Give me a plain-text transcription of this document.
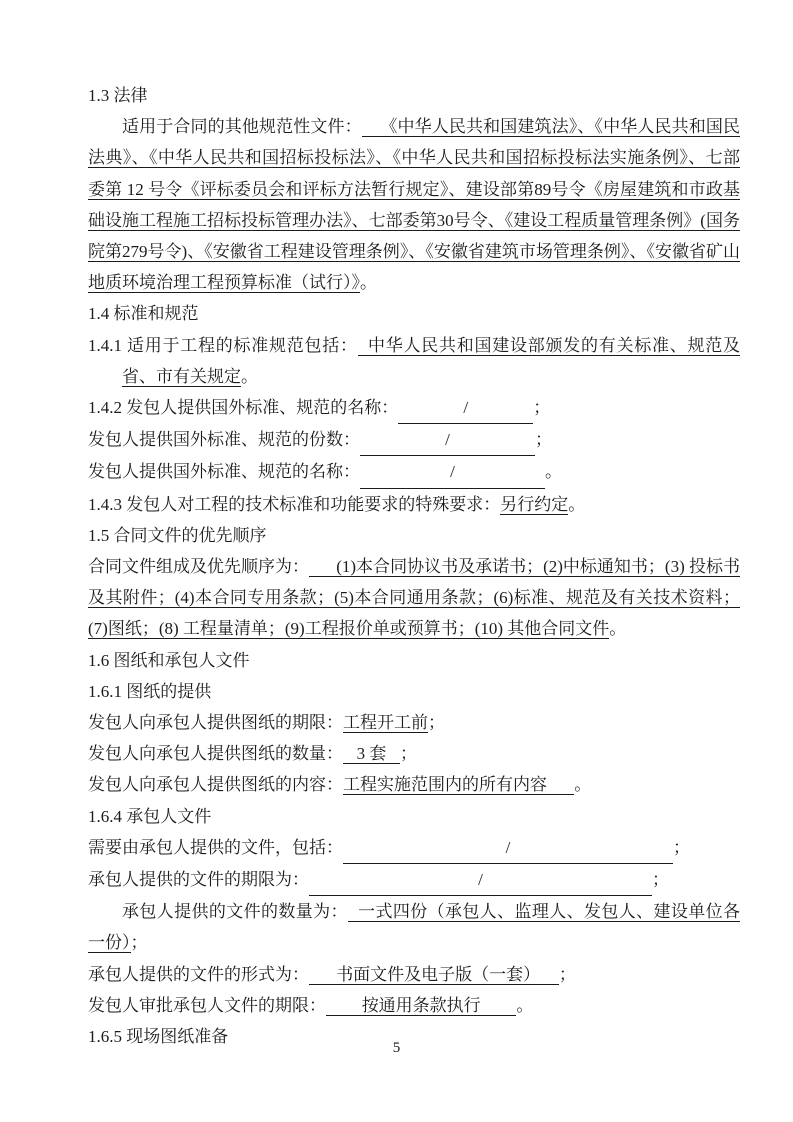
1.3 法律

适用于合同的其他规范性文件： 《中华人民共和国建筑法》、《中华人民共和国民法典》、《中华人民共和国招标投标法》、《中华人民共和国招标投标法实施条例》、七部委第 12 号令《评标委员会和评标方法暂行规定》、建设部第89号令《房屋建筑和市政基础设施工程施工招标投标管理办法》、七部委第30号令、《建设工程质量管理条例》(国务院第279号令)、《安徽省工程建设管理条例》、《安徽省建筑市场管理条例》、《安徽省矿山地质环境治理工程预算标准（试行）》。

1.4 标准和规范

1.4.1 适用于工程的标准规范包括： 中华人民共和国建设部颁发的有关标准、规范及省、市有关规定。

1.4.2 发包人提供国外标准、规范的名称：	/	；

发包人提供国外标准、规范的份数：	/	；

发包人提供国外标准、规范的名称：	/	。

1.4.3 发包人对工程的技术标准和功能要求的特殊要求：另行约定。

1.5 合同文件的优先顺序

合同文件组成及优先顺序为： (1)本合同协议书及承诺书；(2)中标通知书；(3) 投标书及其附件；(4)本合同专用条款；(5)本合同通用条款；(6)标准、规范及有关技术资料；(7)图纸；(8) 工程量清单；(9)工程报价单或预算书；(10) 其他合同文件。

1.6 图纸和承包人文件

1.6.1 图纸的提供

发包人向承包人提供图纸的期限：工程开工前；

发包人向承包人提供图纸的数量： 3 套 ；

发包人向承包人提供图纸的内容：工程实施范围内的所有内容 。

1.6.4 承包人文件

需要由承包人提供的文件，包括：	/	；

承包人提供的文件的期限为：	/	；

承包人提供的文件的数量为： 一式四份（承包人、监理人、发包人、建设单位各一份）；

承包人提供的文件的形式为： 书面文件及电子版（一套） ；

发包人审批承包人文件的期限： 按通用条款执行 。

1.6.5 现场图纸准备

5
